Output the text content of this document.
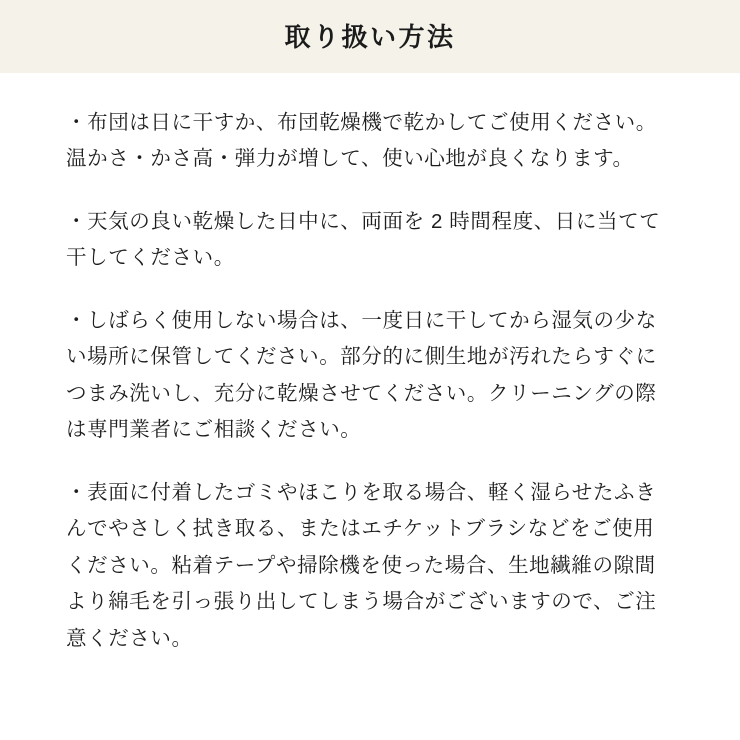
取り扱い方法

・布団は日に干すか、布団乾燥機で乾かしてご使用ください。温かさ・かさ高・弾力が増して、使い心地が良くなります。

・天気の良い乾燥した日中に、両面を 2 時間程度、日に当てて干してください。

・しばらく使用しない場合は、一度日に干してから湿気の少ない場所に保管してください。部分的に側生地が汚れたらすぐにつまみ洗いし、充分に乾燥させてください。クリーニングの際は専門業者にご相談ください。

・表面に付着したゴミやほこりを取る場合、軽く湿らせたふきんでやさしく拭き取る、またはエチケットブラシなどをご使用ください。粘着テープや掃除機を使った場合、生地繊維の隙間より綿毛を引っ張り出してしまう場合がございますので、ご注意ください。
